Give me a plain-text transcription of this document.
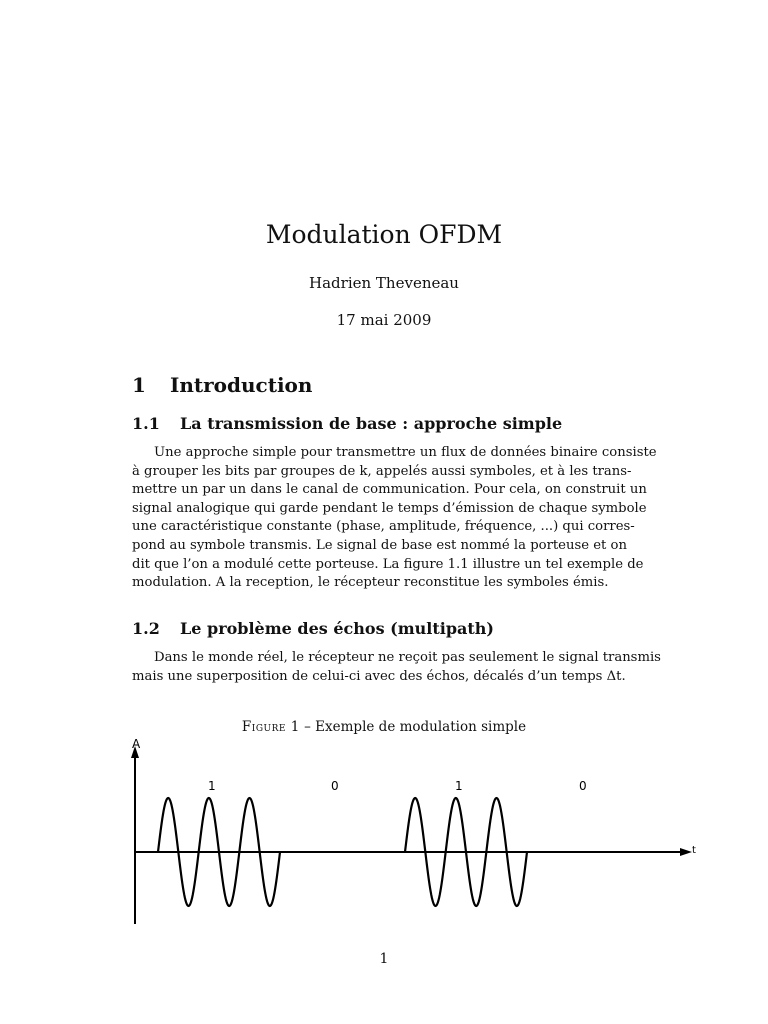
Modulation OFDM
Hadrien Theveneau
17 mai 2009
1 Introduction
1.1 La transmission de base : approche simple
Une approche simple pour transmettre un flux de données binaire consiste
à grouper les bits par groupes de k, appelés aussi symboles, et à les trans-
mettre un par un dans le canal de communication. Pour cela, on construit un
signal analogique qui garde pendant le temps d’émission de chaque symbole
une caractéristique constante (phase, amplitude, fréquence, ...) qui corres-
pond au symbole transmis. Le signal de base est nommé la porteuse et on
dit que l’on a modulé cette porteuse. La figure 1.1 illustre un tel exemple de
modulation. A la reception, le récepteur reconstitue les symboles émis.
1.2 Le problème des échos (multipath)
Dans le monde réel, le récepteur ne reçoit pas seulement le signal transmis
mais une superposition de celui-ci avec des échos, décalés d’un temps Δt.
Figure 1 – Exemple de modulation simple
A
t
1	0	1	0
1
